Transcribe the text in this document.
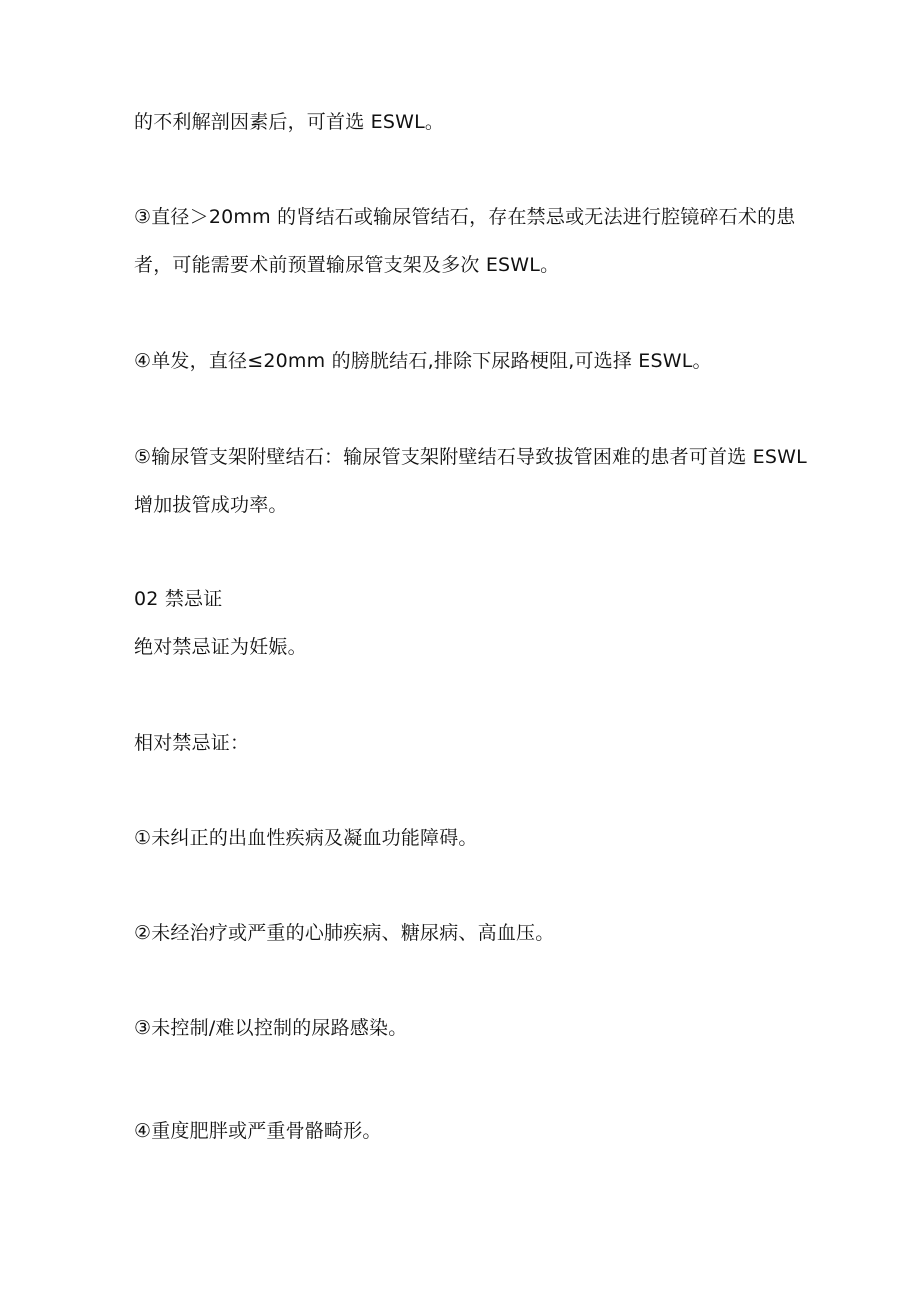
的不利解剖因素后，可首选 ESWL。
③直径＞20mm 的肾结石或输尿管结石，存在禁忌或无法进行腔镜碎石术的患
者，可能需要术前预置输尿管支架及多次 ESWL。
④单发，直径≤20mm 的膀胱结石,排除下尿路梗阻,可选择 ESWL。
⑤输尿管支架附壁结石：输尿管支架附壁结石导致拔管困难的患者可首选 ESWL
增加拔管成功率。
02 禁忌证
绝对禁忌证为妊娠。
相对禁忌证：
①未纠正的出血性疾病及凝血功能障碍。
②未经治疗或严重的心肺疾病、糖尿病、高血压。
③未控制/难以控制的尿路感染。
④重度肥胖或严重骨骼畸形。
